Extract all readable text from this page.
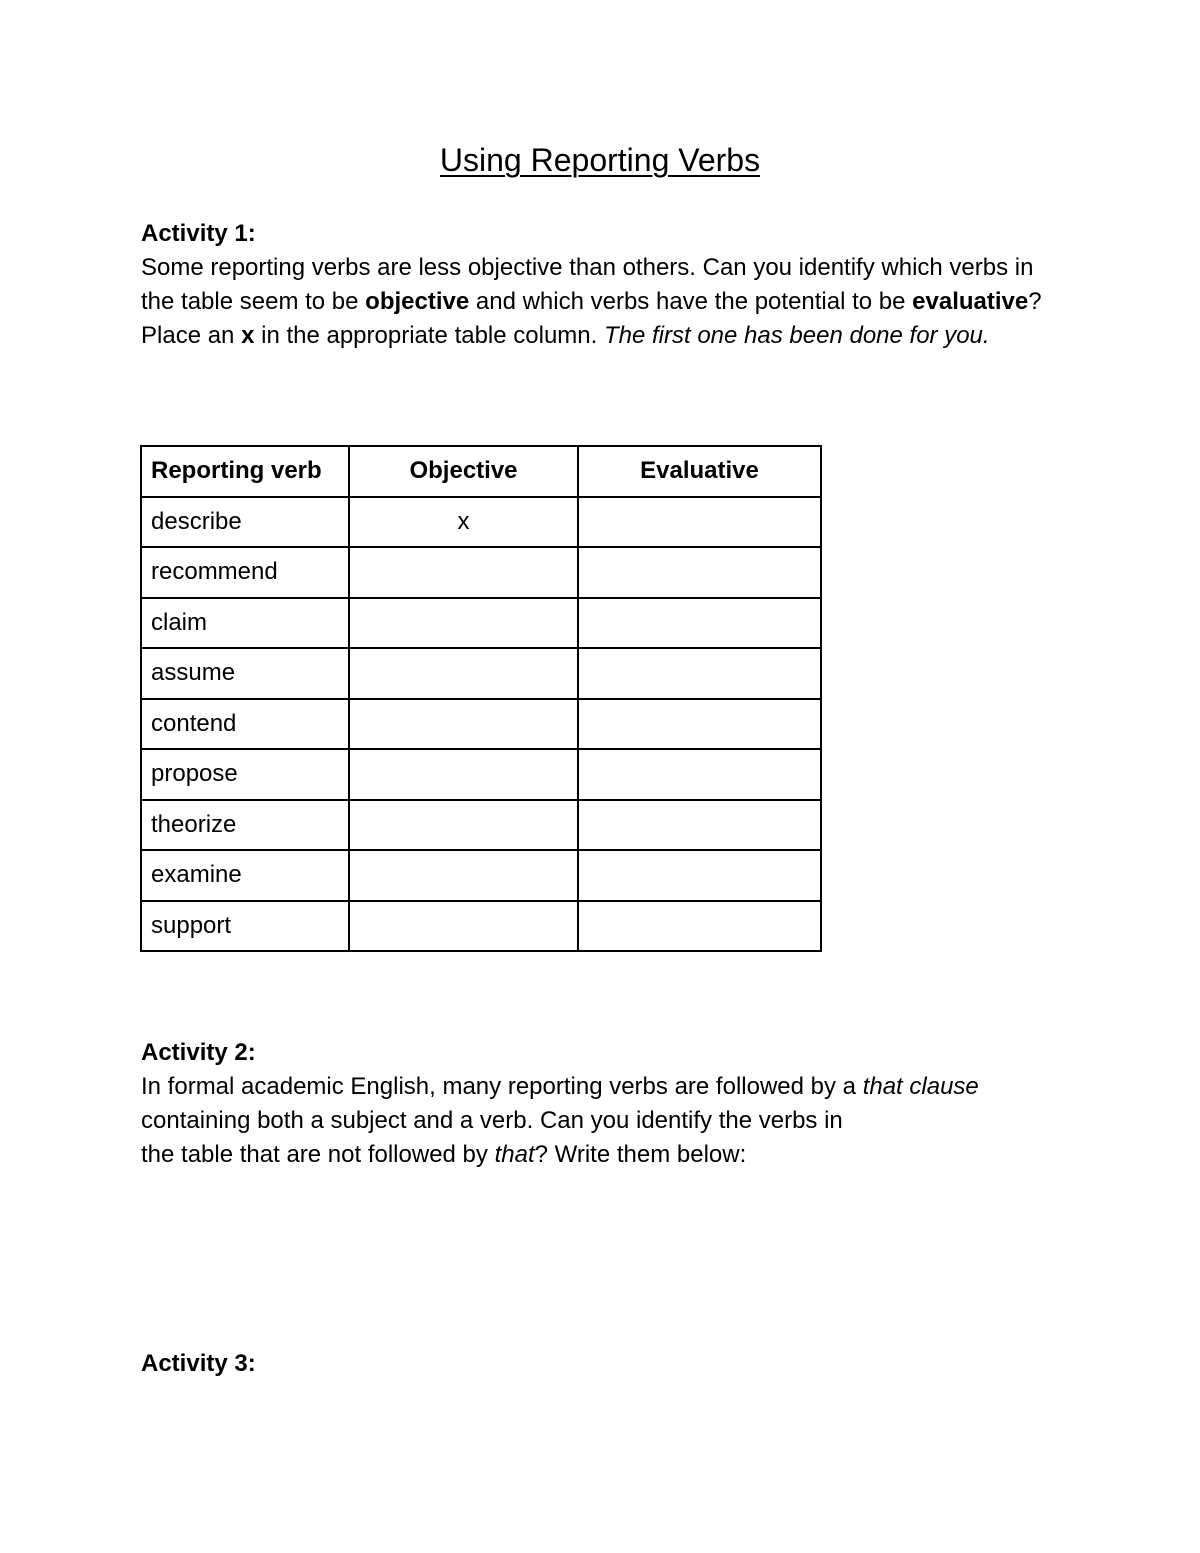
Using Reporting Verbs
Activity 1:
Some reporting verbs are less objective than others. Can you identify which verbs in the table seem to be objective and which verbs have the potential to be evaluative? Place an x in the appropriate table column. The first one has been done for you.
Reporting verb	Objective	Evaluative
describe	x	
recommend		
claim		
assume		
contend		
propose		
theorize		
examine		
support		
Activity 2:
In formal academic English, many reporting verbs are followed by a that clause
containing both a subject and a verb. Can you identify the verbs in
the table that are not followed by that? Write them below:
Activity 3:
